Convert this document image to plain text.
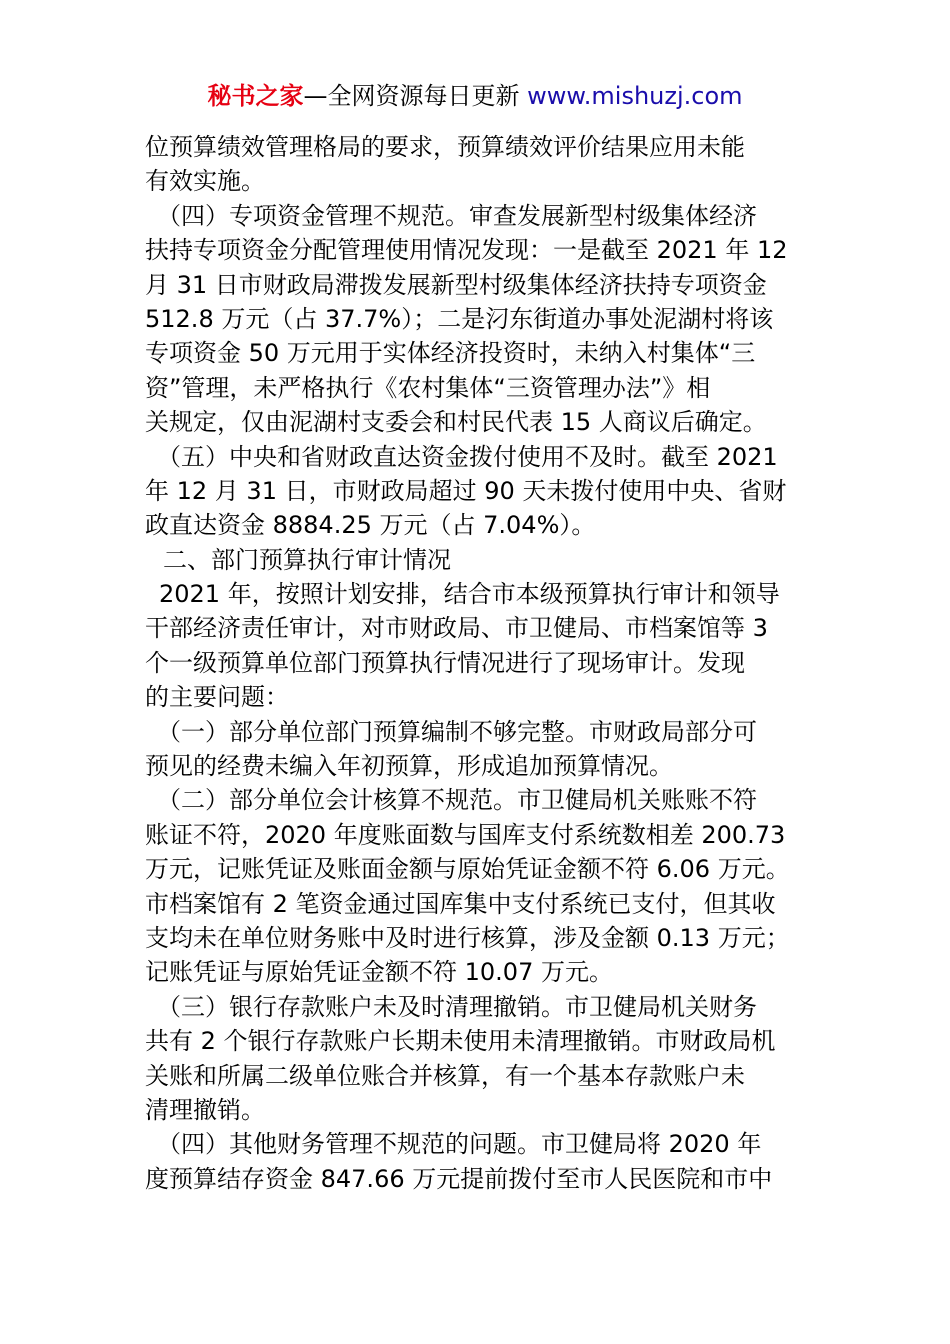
秘书之家—全网资源每日更新 www.mishuzj.com
位预算绩效管理格局的要求，预算绩效评价结果应用未能
有效实施。
（四）专项资金管理不规范。审查发展新型村级集体经济
扶持专项资金分配管理使用情况发现：一是截至 2021 年 12
月 31 日市财政局滞拨发展新型村级集体经济扶持专项资金
512.8 万元（占 37.7%）；二是汈东街道办事处泥湖村将该
专项资金 50 万元用于实体经济投资时，未纳入村集体“三
资”管理，未严格执行《农村集体“三资管理办法”》相
关规定，仅由泥湖村支委会和村民代表 15 人商议后确定。
（五）中央和省财政直达资金拨付使用不及时。截至 2021
年 12 月 31 日，市财政局超过 90 天未拨付使用中央、省财
政直达资金 8884.25 万元（占 7.04%）。
二、部门预算执行审计情况
2021 年，按照计划安排，结合市本级预算执行审计和领导
干部经济责任审计，对市财政局、市卫健局、市档案馆等 3
个一级预算单位部门预算执行情况进行了现场审计。发现
的主要问题：
（一）部分单位部门预算编制不够完整。市财政局部分可
预见的经费未编入年初预算，形成追加预算情况。
（二）部分单位会计核算不规范。市卫健局机关账账不符
账证不符，2020 年度账面数与国库支付系统数相差 200.73
万元，记账凭证及账面金额与原始凭证金额不符 6.06 万元。
市档案馆有 2 笔资金通过国库集中支付系统已支付，但其收
支均未在单位财务账中及时进行核算，涉及金额 0.13 万元；
记账凭证与原始凭证金额不符 10.07 万元。
（三）银行存款账户未及时清理撤销。市卫健局机关财务
共有 2 个银行存款账户长期未使用未清理撤销。市财政局机
关账和所属二级单位账合并核算，有一个基本存款账户未
清理撤销。
（四）其他财务管理不规范的问题。市卫健局将 2020 年
度预算结存资金 847.66 万元提前拨付至市人民医院和市中
